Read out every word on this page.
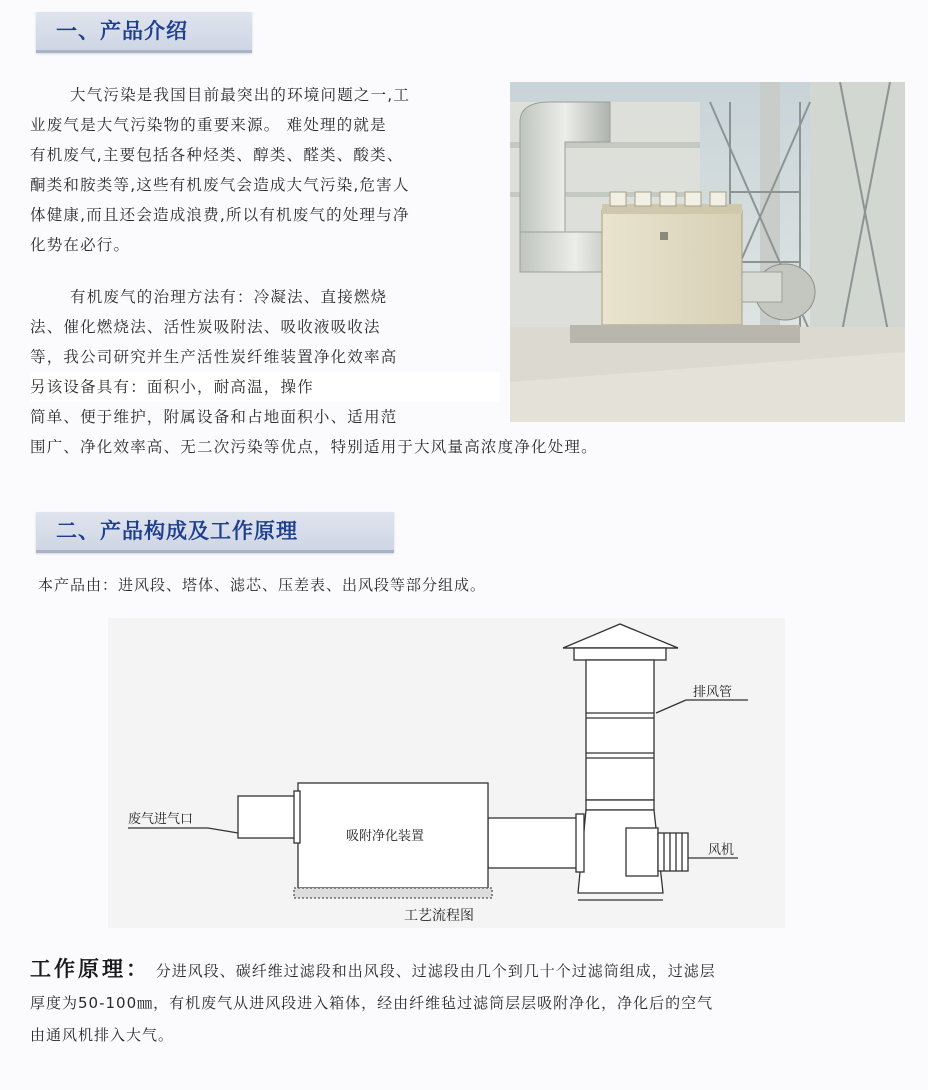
一、产品介绍
大气污染是我国目前最突出的环境问题之一,工
业废气是大气污染物的重要来源。 难处理的就是
有机废气,主要包括各种烃类、醇类、醛类、酸类、
酮类和胺类等,这些有机废气会造成大气污染,危害人
体健康,而且还会造成浪费,所以有机废气的处理与净
化势在必行。
有机废气的治理方法有：冷凝法、直接燃烧
法、催化燃烧法、活性炭吸附法、吸收液吸收法
等，我公司研究并生产活性炭纤维装置净化效率高
另该设备具有：面积小，耐高温，操作
简单、便于维护，附属设备和占地面积小、适用范
围广、净化效率高、无二次污染等优点，特别适用于大风量高浓度净化处理。
二、产品构成及工作原理
本产品由：进风段、塔体、滤芯、压差表、出风段等部分组成。
排风管
废气进气口
吸附净化装置
风机
工艺流程图
工作原理： 分进风段、碳纤维过滤段和出风段、过滤段由几个到几十个过滤筒组成，过滤层
厚度为50-100㎜，有机废气从进风段进入箱体，经由纤维毡过滤筒层层吸附净化，净化后的空气
由通风机排入大气。
